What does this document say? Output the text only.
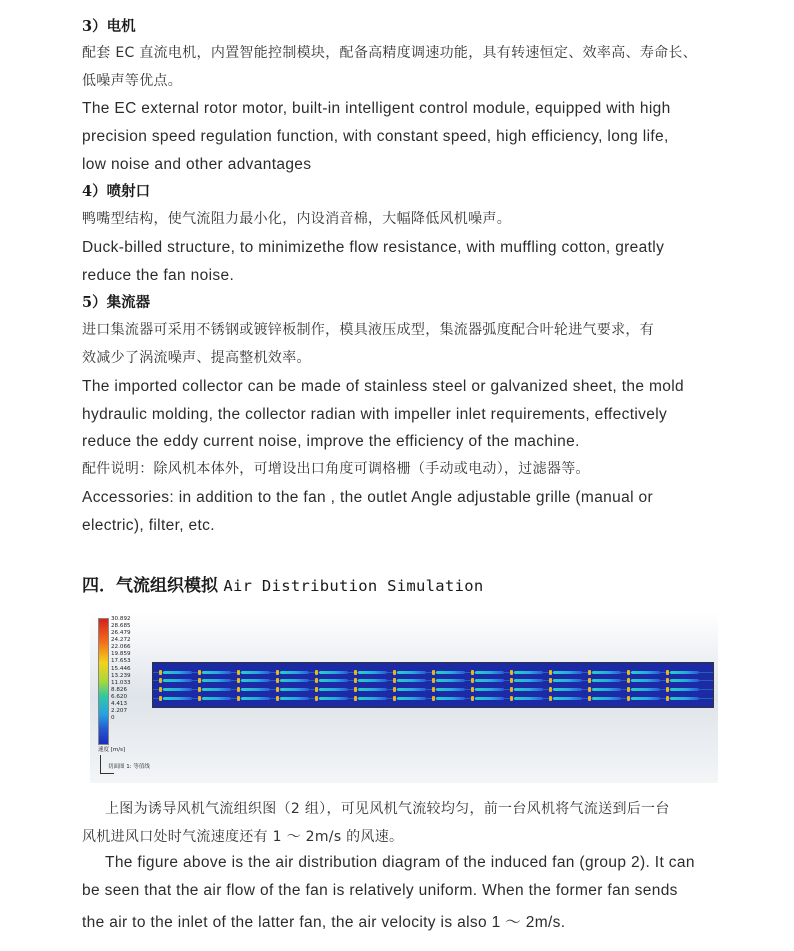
3）电机
配套 EC 直流电机，内置智能控制模块，配备高精度调速功能，具有转速恒定、效率高、寿命长、
低噪声等优点。
The EC external rotor motor, built-in intelligent control module, equipped with high
precision speed regulation function, with constant speed, high efficiency, long life,
low noise and other advantages
4）喷射口
鸭嘴型结构，使气流阻力最小化，内设消音棉，大幅降低风机噪声。
Duck-billed structure, to minimizethe flow resistance, with muffling cotton, greatly
reduce the fan noise.
5）集流器
进口集流器可采用不锈钢或镀锌板制作，模具液压成型，集流器弧度配合叶轮进气要求，有
效减少了涡流噪声、提高整机效率。
The imported collector can be made of stainless steel or galvanized sheet, the mold
hydraulic molding, the collector radian with impeller inlet requirements, effectively
reduce the eddy current noise, improve the efficiency of the machine.
配件说明：除风机本体外，可增设出口角度可调格栅（手动或电动），过滤器等。
Accessories: in addition to the fan , the outlet Angle adjustable grille (manual or
electric), filter, etc.
四．气流组织模拟 Air Distribution Simulation
30.892
28.685
26.479
24.272
22.066
19.859
17.653
15.446
13.239
11.033
8.826
6.620
4.413
2.207
0
速度 [m/s]
切面图 1: 等值线
上图为诱导风机气流组织图（2 组），可见风机气流较均匀，前一台风机将气流送到后一台
风机进风口处时气流速度还有 1 ～ 2m/s 的风速。
The figure above is the air distribution diagram of the induced fan (group 2). It can
be seen that the air flow of the fan is relatively uniform. When the former fan sends
the air to the inlet of the latter fan, the air velocity is also 1 ～ 2m/s.
